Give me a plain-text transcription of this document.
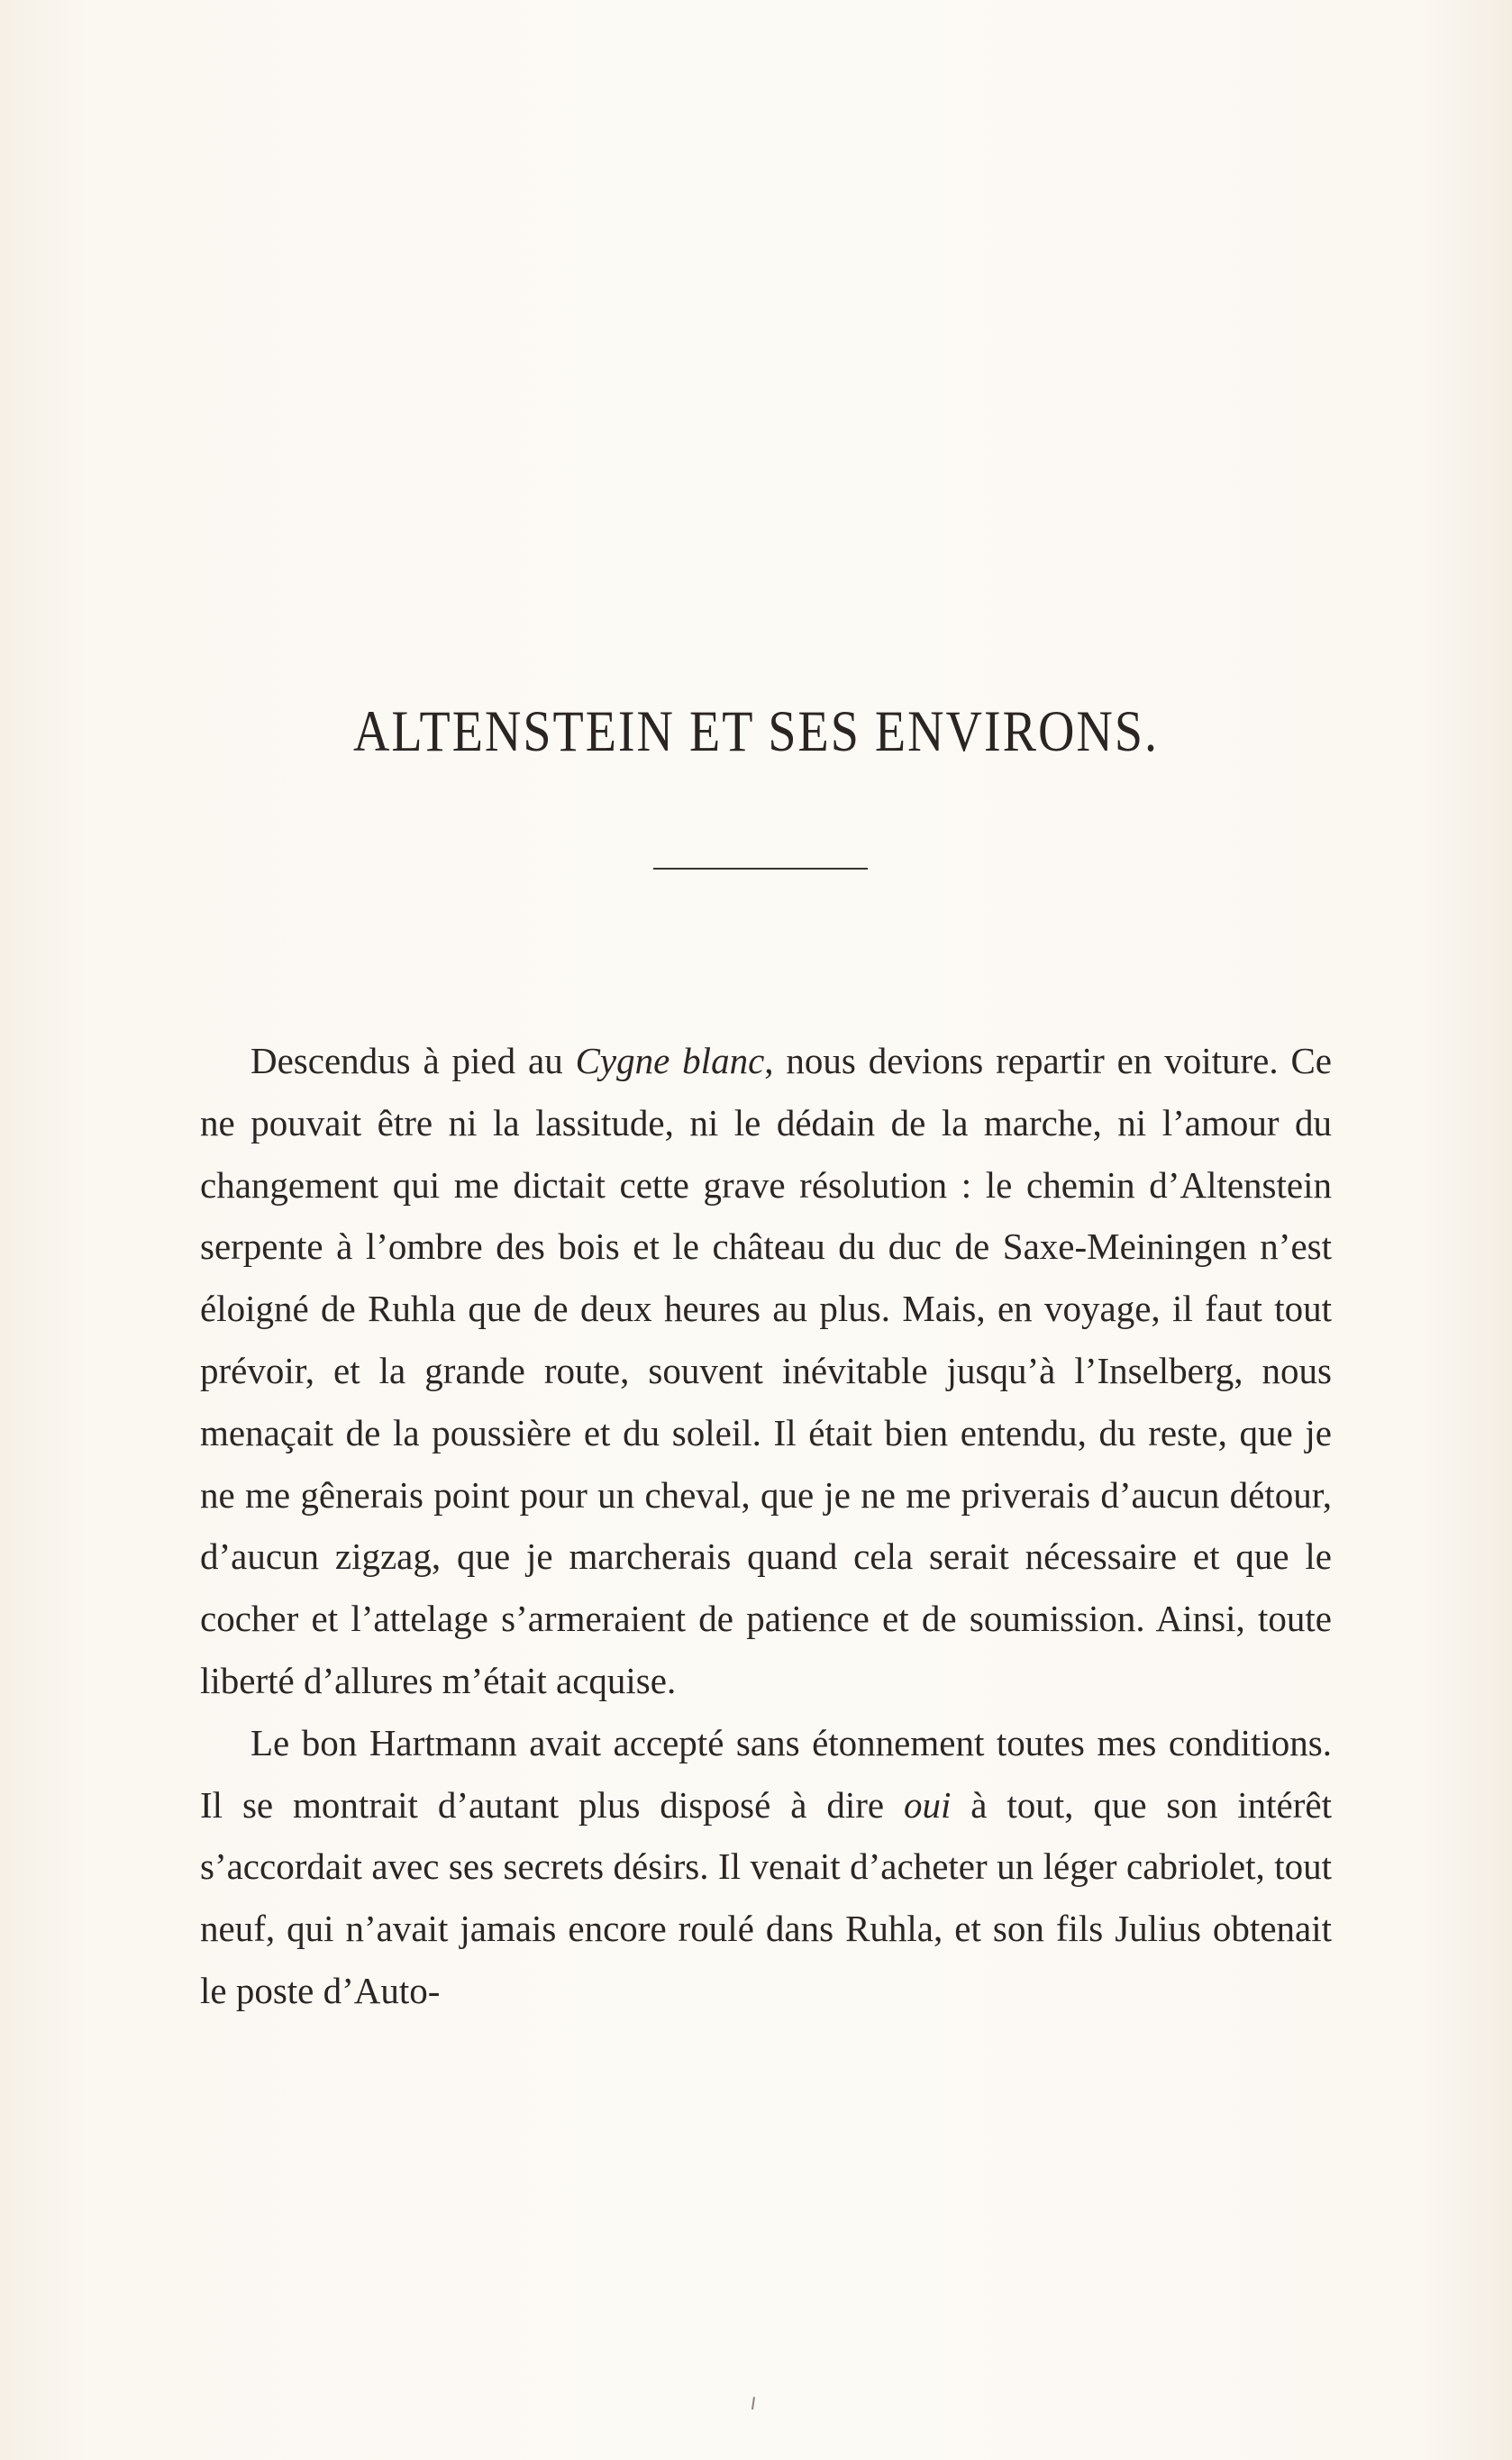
ALTENSTEIN ET SES ENVIRONS.

Descendus à pied au Cygne blanc, nous devions repartir en voiture. Ce ne pouvait être ni la lassitude, ni le dédain de la marche, ni l’amour du changement qui me dictait cette grave résolution : le chemin d’Altenstein serpente à l’ombre des bois et le château du duc de Saxe-Meiningen n’est éloigné de Ruhla que de deux heures au plus. Mais, en voyage, il faut tout prévoir, et la grande route, souvent inévitable jusqu’à l’Inselberg, nous menaçait de la poussière et du soleil. Il était bien entendu, du reste, que je ne me gênerais point pour un cheval, que je ne me priverais d’aucun détour, d’aucun zigzag, que je marcherais quand cela serait nécessaire et que le cocher et l’attelage s’armeraient de patience et de soumission. Ainsi, toute liberté d’allures m’était acquise.

Le bon Hartmann avait accepté sans étonnement toutes mes conditions. Il se montrait d’autant plus disposé à dire oui à tout, que son intérêt s’accordait avec ses secrets désirs. Il venait d’acheter un léger cabriolet, tout neuf, qui n’avait jamais encore roulé dans Ruhla, et son fils Julius obtenait le poste d’Auto-
